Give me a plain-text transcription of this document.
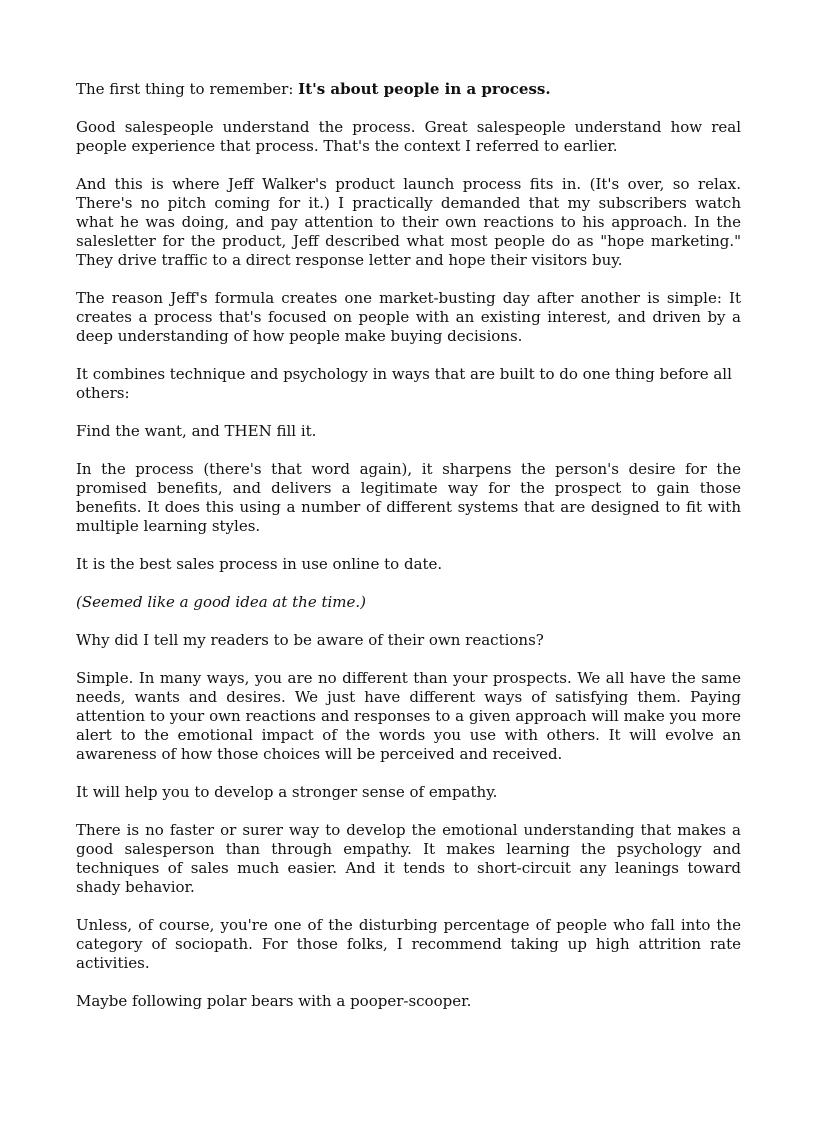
The first thing to remember: It's about people in a process.

Good salespeople understand the process. Great salespeople understand how real people experience that process. That's the context I referred to earlier.

And this is where Jeff Walker's product launch process fits in. (It's over, so relax. There's no pitch coming for it.) I practically demanded that my subscribers watch what he was doing, and pay attention to their own reactions to his approach. In the salesletter for the product, Jeff described what most people do as "hope marketing." They drive traffic to a direct response letter and hope their visitors buy.

The reason Jeff's formula creates one market-busting day after another is simple: It creates a process that's focused on people with an existing interest, and driven by a deep understanding of how people make buying decisions.

It combines technique and psychology in ways that are built to do one thing before all others:

Find the want, and THEN fill it.

In the process (there's that word again), it sharpens the person's desire for the promised benefits, and delivers a legitimate way for the prospect to gain those benefits. It does this using a number of different systems that are designed to fit with multiple learning styles.

It is the best sales process in use online to date.

(Seemed like a good idea at the time.)

Why did I tell my readers to be aware of their own reactions?

Simple. In many ways, you are no different than your prospects. We all have the same needs, wants and desires. We just have different ways of satisfying them. Paying attention to your own reactions and responses to a given approach will make you more alert to the emotional impact of the words you use with others. It will evolve an awareness of how those choices will be perceived and received.

It will help you to develop a stronger sense of empathy.

There is no faster or surer way to develop the emotional understanding that makes a good salesperson than through empathy. It makes learning the psychology and techniques of sales much easier. And it tends to short-circuit any leanings toward shady behavior.

Unless, of course, you're one of the disturbing percentage of people who fall into the category of sociopath. For those folks, I recommend taking up high attrition rate activities.

Maybe following polar bears with a pooper-scooper.
